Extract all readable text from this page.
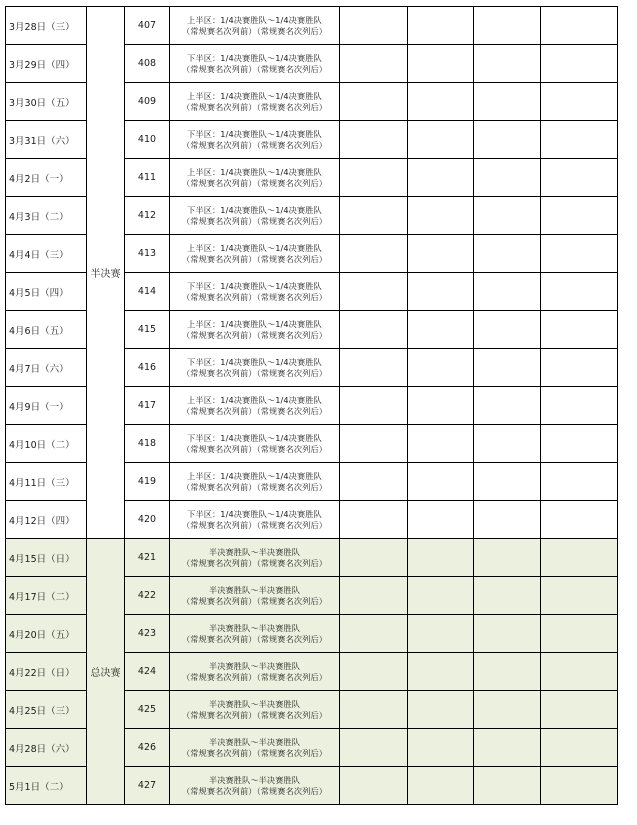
3月28日（三）	半决赛	407	上半区：1/4决赛胜队～1/4决赛胜队
（常规赛名次列前）（常规赛名次列后）				

3月29日（四）		408	下半区：1/4决赛胜队～1/4决赛胜队
（常规赛名次列前）（常规赛名次列后）				

3月30日（五）		409	上半区：1/4决赛胜队～1/4决赛胜队
（常规赛名次列前）（常规赛名次列后）				

3月31日（六）		410	下半区：1/4决赛胜队～1/4决赛胜队
（常规赛名次列前）（常规赛名次列后）				

4月2日（一）		411	上半区：1/4决赛胜队～1/4决赛胜队
（常规赛名次列前）（常规赛名次列后）				

4月3日（二）		412	下半区：1/4决赛胜队～1/4决赛胜队
（常规赛名次列前）（常规赛名次列后）				

4月4日（三）		413	上半区：1/4决赛胜队～1/4决赛胜队
（常规赛名次列前）（常规赛名次列后）				

4月5日（四）		414	下半区：1/4决赛胜队～1/4决赛胜队
（常规赛名次列前）（常规赛名次列后）				

4月6日（五）		415	上半区：1/4决赛胜队～1/4决赛胜队
（常规赛名次列前）（常规赛名次列后）				

4月7日（六）		416	下半区：1/4决赛胜队～1/4决赛胜队
（常规赛名次列前）（常规赛名次列后）				

4月9日（一）		417	上半区：1/4决赛胜队～1/4决赛胜队
（常规赛名次列前）（常规赛名次列后）				

4月10日（二）		418	下半区：1/4决赛胜队～1/4决赛胜队
（常规赛名次列前）（常规赛名次列后）				

4月11日（三）		419	上半区：1/4决赛胜队～1/4决赛胜队
（常规赛名次列前）（常规赛名次列后）				

4月12日（四）		420	下半区：1/4决赛胜队～1/4决赛胜队
（常规赛名次列前）（常规赛名次列后）				

4月15日（日）	总决赛	421	半决赛胜队～半决赛胜队
（常规赛名次列前）（常规赛名次列后）				

4月17日（二）		422	半决赛胜队～半决赛胜队
（常规赛名次列前）（常规赛名次列后）				

4月20日（五）		423	半决赛胜队～半决赛胜队
（常规赛名次列前）（常规赛名次列后）				

4月22日（日）		424	半决赛胜队～半决赛胜队
（常规赛名次列前）（常规赛名次列后）				

4月25日（三）		425	半决赛胜队～半决赛胜队
（常规赛名次列前）（常规赛名次列后）				

4月28日（六）		426	半决赛胜队～半决赛胜队
（常规赛名次列前）（常规赛名次列后）				

5月1日（二）		427	半决赛胜队～半决赛胜队
（常规赛名次列前）（常规赛名次列后）				
